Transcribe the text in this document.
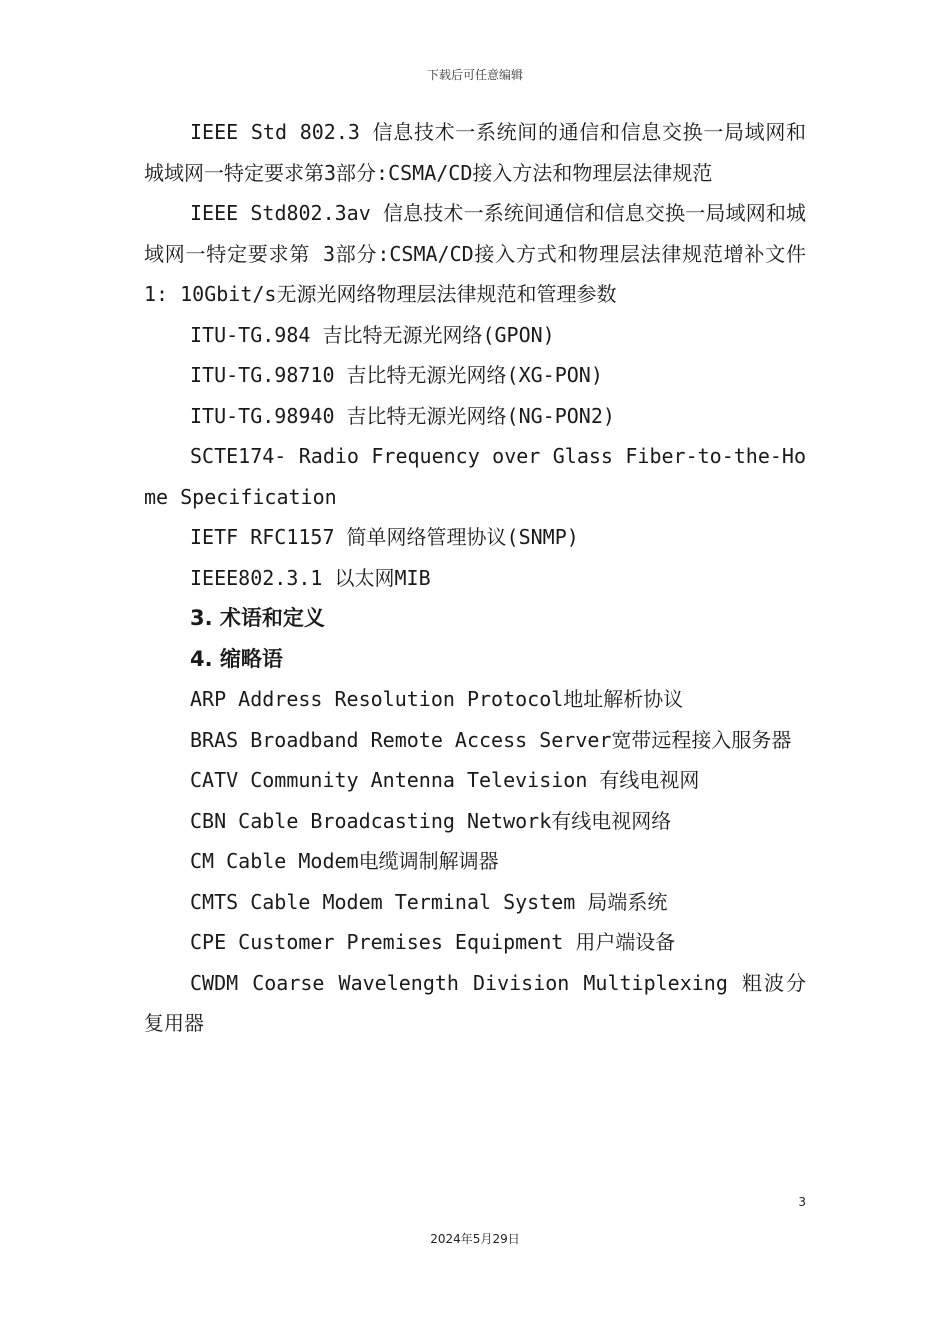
下载后可任意编辑

IEEE Std 802.3 信息技术一系统间的通信和信息交换一局域网和城域网一特定要求第3部分:CSMA/CD接入方法和物理层法律规范

IEEE Std802.3av 信息技术一系统间通信和信息交换一局域网和城域网一特定要求第 3部分:CSMA/CD接入方式和物理层法律规范增补文件1: 10Gbit/s无源光网络物理层法律规范和管理参数

ITU-TG.984 吉比特无源光网络(GPON)

ITU-TG.98710 吉比特无源光网络(XG-PON)

ITU-TG.98940 吉比特无源光网络(NG-PON2)

SCTE174- Radio Frequency over Glass Fiber-to-the-Home Specification

IETF RFC1157 简单网络管理协议(SNMP)

IEEE802.3.1 以太网MIB

3. 术语和定义

4. 缩略语

ARP Address Resolution Protocol地址解析协议

BRAS Broadband Remote Access Server宽带远程接入服务器

CATV Community Antenna Television 有线电视网

CBN Cable Broadcasting Network有线电视网络

CM Cable Modem电缆调制解调器

CMTS Cable Modem Terminal System 局端系统

CPE Customer Premises Equipment 用户端设备

CWDM Coarse Wavelength Division Multiplexing 粗波分复用器

3
2024年5月29日
